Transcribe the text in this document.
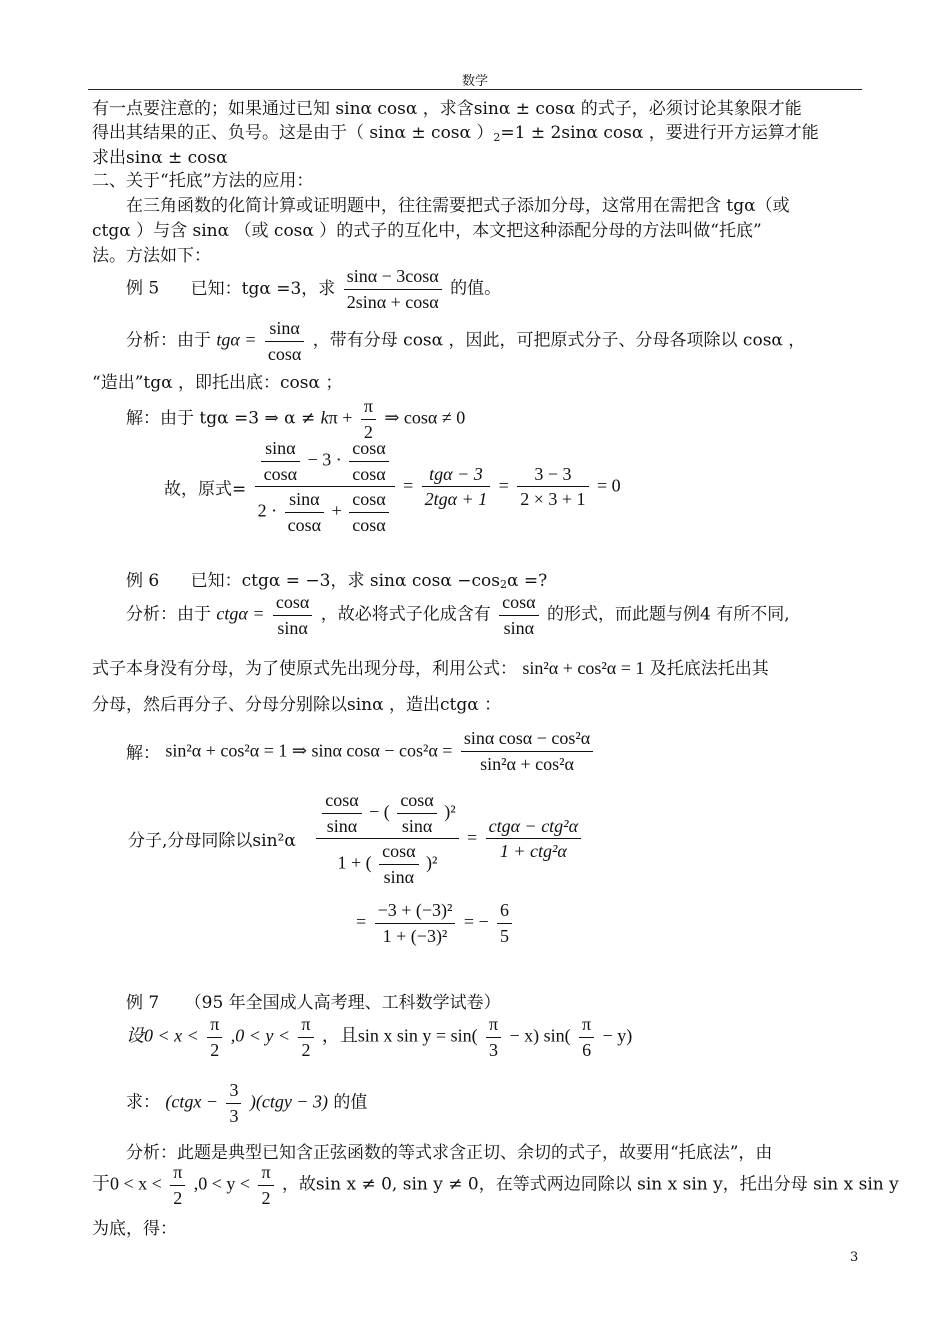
数学
有一点要注意的；如果通过已知 sinα cosα ，求含sinα ± cosα 的式子，必须讨论其象限才能
得出其结果的正、负号。这是由于（ sinα ± cosα ）2=1 ± 2sinα cosα ，要进行开方运算才能
求出sinα ± cosα
二、关于“托底”方法的应用：
在三角函数的化简计算或证明题中，往往需要把式子添加分母，这常用在需把含 tgα（或
ctgα ）与含 sinα （或 cosα ）的式子的互化中，本文把这种添配分母的方法叫做“托底”
法。方法如下：
例 5 已知：tgα =3，求 $\frac{\sin\alpha - 3\cos\alpha}{2\sin\alpha + \cos\alpha}$ 的值。
分析：由于 $tg\alpha = \frac{\sin\alpha}{\cos\alpha}$ ，带有分母 cosα ，因此，可把原式分子、分母各项除以 cosα ，
“造出”tgα ，即托出底：cosα ；
解：由于 tgα =3 ⇒ $\alpha \ne k\pi + \frac{\pi}{2}$ ⇒ cosα ≠ 0
故，原式= $\frac{\frac{\sin\alpha}{\cos\alpha} - 3 \cdot \frac{\cos\alpha}{\cos\alpha}}{2 \cdot \frac{\sin\alpha}{\cos\alpha} + \frac{\cos\alpha}{\cos\alpha}} = \frac{\text{tgα − 3}}{\text{2tgα + 1}} = \frac{3 - 3}{2 \times 3 + 1} = 0$
例 6 已知：ctgα = −3，求 sinα cosα −cos2α =?
分析：由于 $ctg\alpha = \frac{\cos\alpha}{\sin\alpha}$ ，故必将式子化成含有 $\frac{\cos\alpha}{\sin\alpha}$ 的形式，而此题与例4 有所不同,
式子本身没有分母，为了使原式先出现分母，利用公式： sin²α + cos²α = 1 及托底法托出其
分母，然后再分子、分母分别除以sinα ，造出ctgα ：
解： sin²α + cos²α = 1 ⇒ sinα $\cos\alpha - \cos^2\alpha = \frac{\text{sinα cosα − cos²α}}{\text{sin²α + cos²α}}$
分子,分母同除以$\sin^2\alpha \frac{\frac{\cos\alpha}{\sin\alpha} - ( \frac{\cos\alpha}{\sin\alpha} )^2}{1 + ( \frac{\cos\alpha}{\sin\alpha} )^2} = \frac{\text{ctgα − ctg²α}}{\text{1 + ctg²α}}$
= $\frac{\text{−3 + (−3)²}}{\text{1 + (−3)²}}$ = − $\frac{6}{5}$
例 7 （95 年全国成人高考理、工科数学试卷）
设$0 < x < \frac{\pi}{2} ,0 < y < \frac{\pi}{2}$ ，且sin x $\sin y = \sin( \frac{\pi}{3} - x)$ $\sin( \frac{\pi}{6} - y)$
求： (ctgx − $\frac{3}{3}$ )(ctgy − 3) 的值
分析：此题是典型已知含正弦函数的等式求含正切、余切的式子，故要用“托底法”，由
于$0 < x < \frac{\pi}{2} ,0 < y < \frac{\pi}{2}$ ，故sin x ≠ 0, sin y ≠ 0，在等式两边同除以 sin x sin y，托出分母 sin x sin y
为底，得：
3
